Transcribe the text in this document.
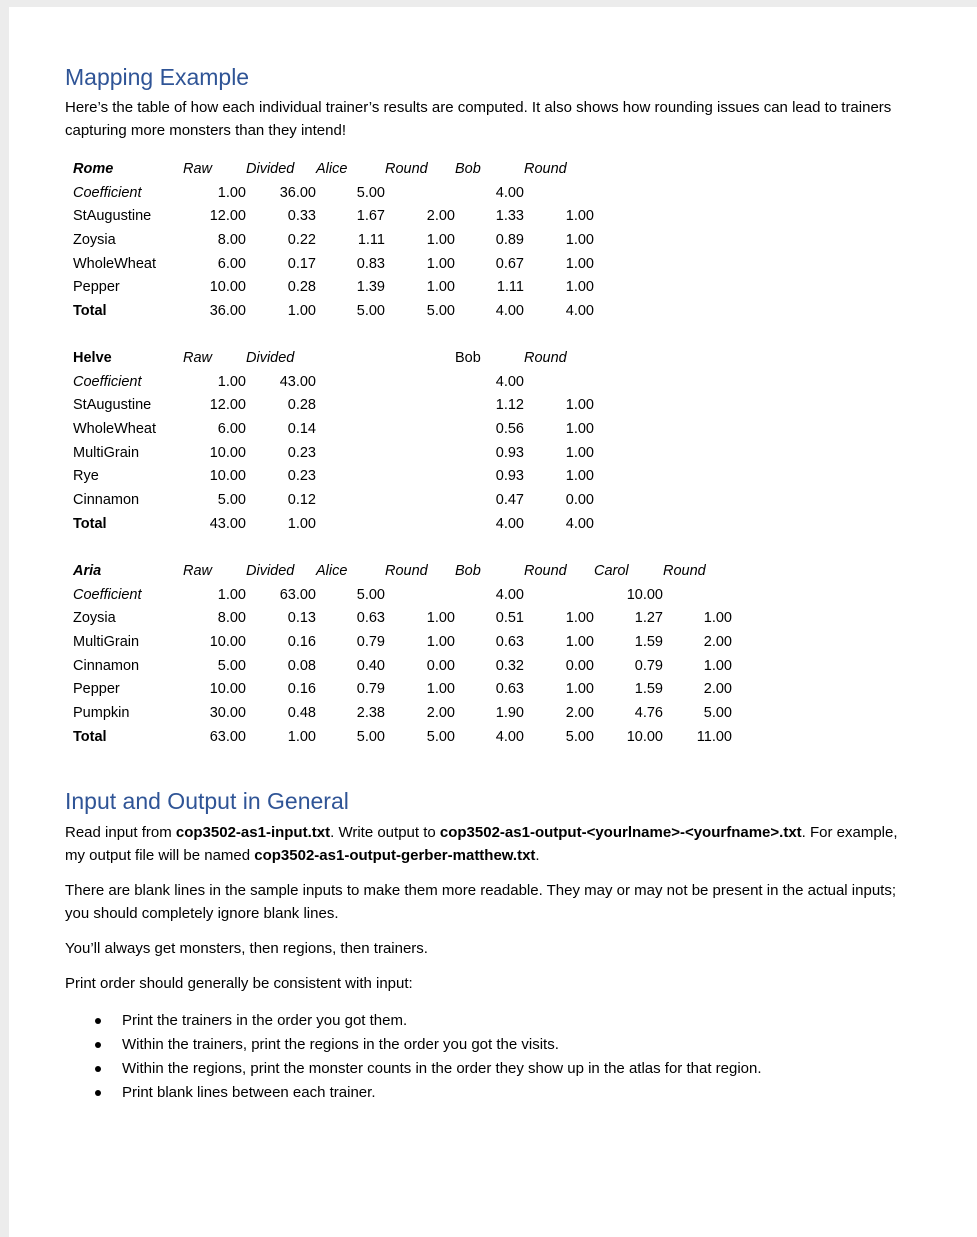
Mapping Example

Here’s the table of how each individual trainer’s results are computed. It also shows how rounding issues can lead to trainers capturing more monsters than they intend!

Rome	Raw	Divided	Alice	Round	Bob	Round		
Coefficient	1.00	36.00	5.00		4.00			
StAugustine	12.00	0.33	1.67	2.00	1.33	1.00		
Zoysia	8.00	0.22	1.11	1.00	0.89	1.00		
WholeWheat	6.00	0.17	0.83	1.00	0.67	1.00		
Pepper	10.00	0.28	1.39	1.00	1.11	1.00		
Total	36.00	1.00	5.00	5.00	4.00	4.00		
Helve	Raw	Divided			Bob	Round		
Coefficient	1.00	43.00			4.00			
StAugustine	12.00	0.28			1.12	1.00		
WholeWheat	6.00	0.14			0.56	1.00		
MultiGrain	10.00	0.23			0.93	1.00		
Rye	10.00	0.23			0.93	1.00		
Cinnamon	5.00	0.12			0.47	0.00		
Total	43.00	1.00			4.00	4.00		
Aria	Raw	Divided	Alice	Round	Bob	Round	Carol	Round
Coefficient	1.00	63.00	5.00		4.00		10.00	
Zoysia	8.00	0.13	0.63	1.00	0.51	1.00	1.27	1.00
MultiGrain	10.00	0.16	0.79	1.00	0.63	1.00	1.59	2.00
Cinnamon	5.00	0.08	0.40	0.00	0.32	0.00	0.79	1.00
Pepper	10.00	0.16	0.79	1.00	0.63	1.00	1.59	2.00
Pumpkin	30.00	0.48	2.38	2.00	1.90	2.00	4.76	5.00
Total	63.00	1.00	5.00	5.00	4.00	5.00	10.00	11.00
Input and Output in General

Read input from cop3502-as1-input.txt. Write output to cop3502-as1-output-<yourlname>-<yourfname>.txt. For example, my output file will be named cop3502-as1-output-gerber-matthew.txt.

There are blank lines in the sample inputs to make them more readable. They may or may not be present in the actual inputs; you should completely ignore blank lines.

You’ll always get monsters, then regions, then trainers.

Print order should generally be consistent with input:

Print the trainers in the order you got them.
Within the trainers, print the regions in the order you got the visits.
Within the regions, print the monster counts in the order they show up in the atlas for that region.
Print blank lines between each trainer.
